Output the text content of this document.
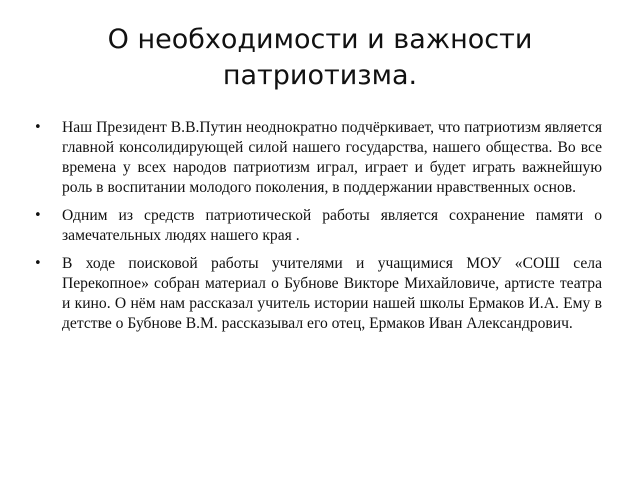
О необходимости и важности патриотизма.
•	Наш Президент В.В.Путин неоднократно подчёркивает, что патриотизм является главной консолидирующей силой нашего государства, нашего общества. Во все времена у всех народов патриотизм играл, играет и будет играть важнейшую роль в воспитании молодого поколения, в поддержании нравственных основ.
•	Одним из средств патриотической работы является сохранение памяти о замечательных людях нашего края .
•	В ходе поисковой работы учителями и учащимися МОУ «СОШ села Перекопное» собран материал о Бубнове Викторе Михайловиче, артисте театра и кино. О нём нам рассказал учитель истории нашей школы Ермаков И.А. Ему в детстве о Бубнове В.М. рассказывал его отец, Ермаков Иван Александрович.
